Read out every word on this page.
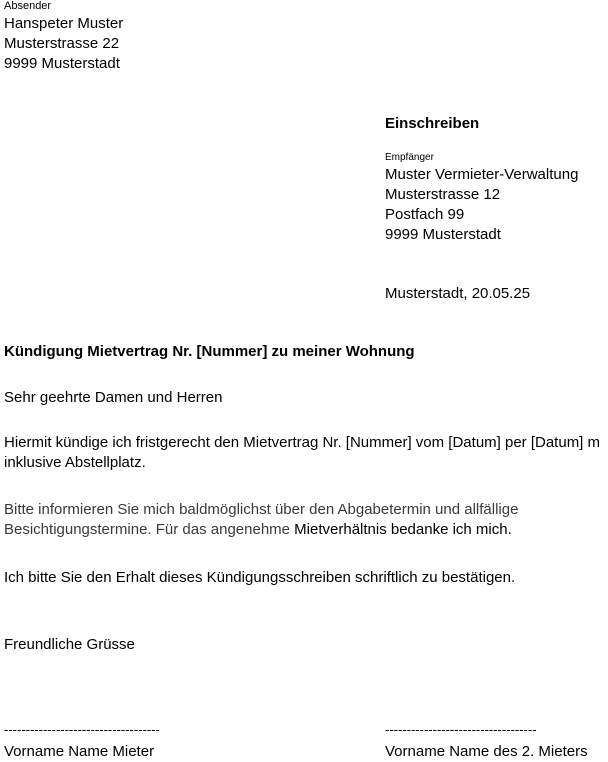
Absender
Hanspeter Muster
Musterstrasse 22
9999 Musterstadt
Einschreiben
Empfänger
Muster Vermieter-Verwaltung
Musterstrasse 12
Postfach 99
9999 Musterstadt
Musterstadt, 20.05.25
Kündigung Mietvertrag Nr. [Nummer] zu meiner Wohnung
Sehr geehrte Damen und Herren
Hiermit kündige ich fristgerecht den Mietvertrag Nr. [Nummer] vom [Datum] per [Datum] m
inklusive Abstellplatz.
Bitte informieren Sie mich baldmöglichst über den Abgabetermin und allfällige
Besichtigungstermine. Für das angenehme Mietverhältnis bedanke ich mich.
Ich bitte Sie den Erhalt dieses Kündigungsschreiben schriftlich zu bestätigen.
Freundliche Grüsse
------------------------------------
Vorname Name Mieter
-----------------------------------
Vorname Name des 2. Mieters
